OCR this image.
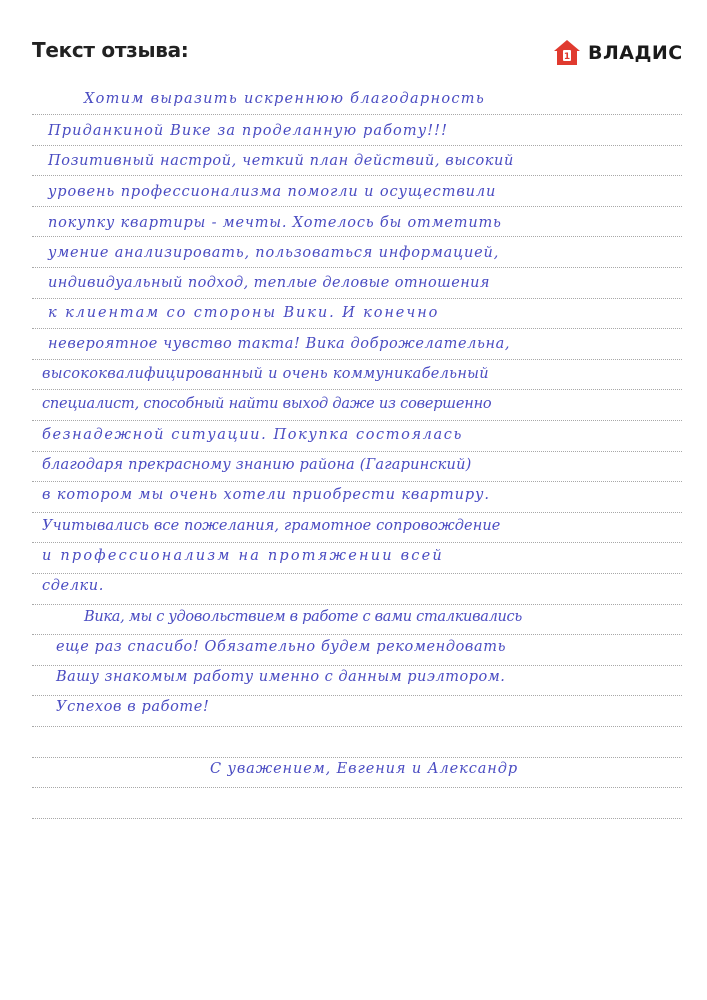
Текст отзыва:	1 ВЛАДИС
Хотим выразить искреннюю благодарность
Приданкиной Вике за проделанную работу!!!
Позитивный настрой, четкий план действий, высокий
уровень профессионализма помогли и осуществили
покупку квартиры - мечты. Хотелось бы отметить
умение анализировать, пользоваться информацией,
индивидуальный подход, теплые деловые отношения
к клиентам со стороны Вики. И конечно
невероятное чувство такта! Вика доброжелательна,
высококвалифицированный и очень коммуникабельный
специалист, способный найти выход даже из совершенно
безнадежной ситуации. Покупка состоялась
благодаря прекрасному знанию района (Гагаринский)
в котором мы очень хотели приобрести квартиру.
Учитывались все пожелания, грамотное сопровождение
и профессионализм на протяжении всей
сделки.
Вика, мы с удовольствием в работе с вами сталкивались
еще раз спасибо! Обязательно будем рекомендовать
Вашу знакомым работу именно с данным риэлтором.
Успехов в работе!
С уважением, Евгения и Александр
